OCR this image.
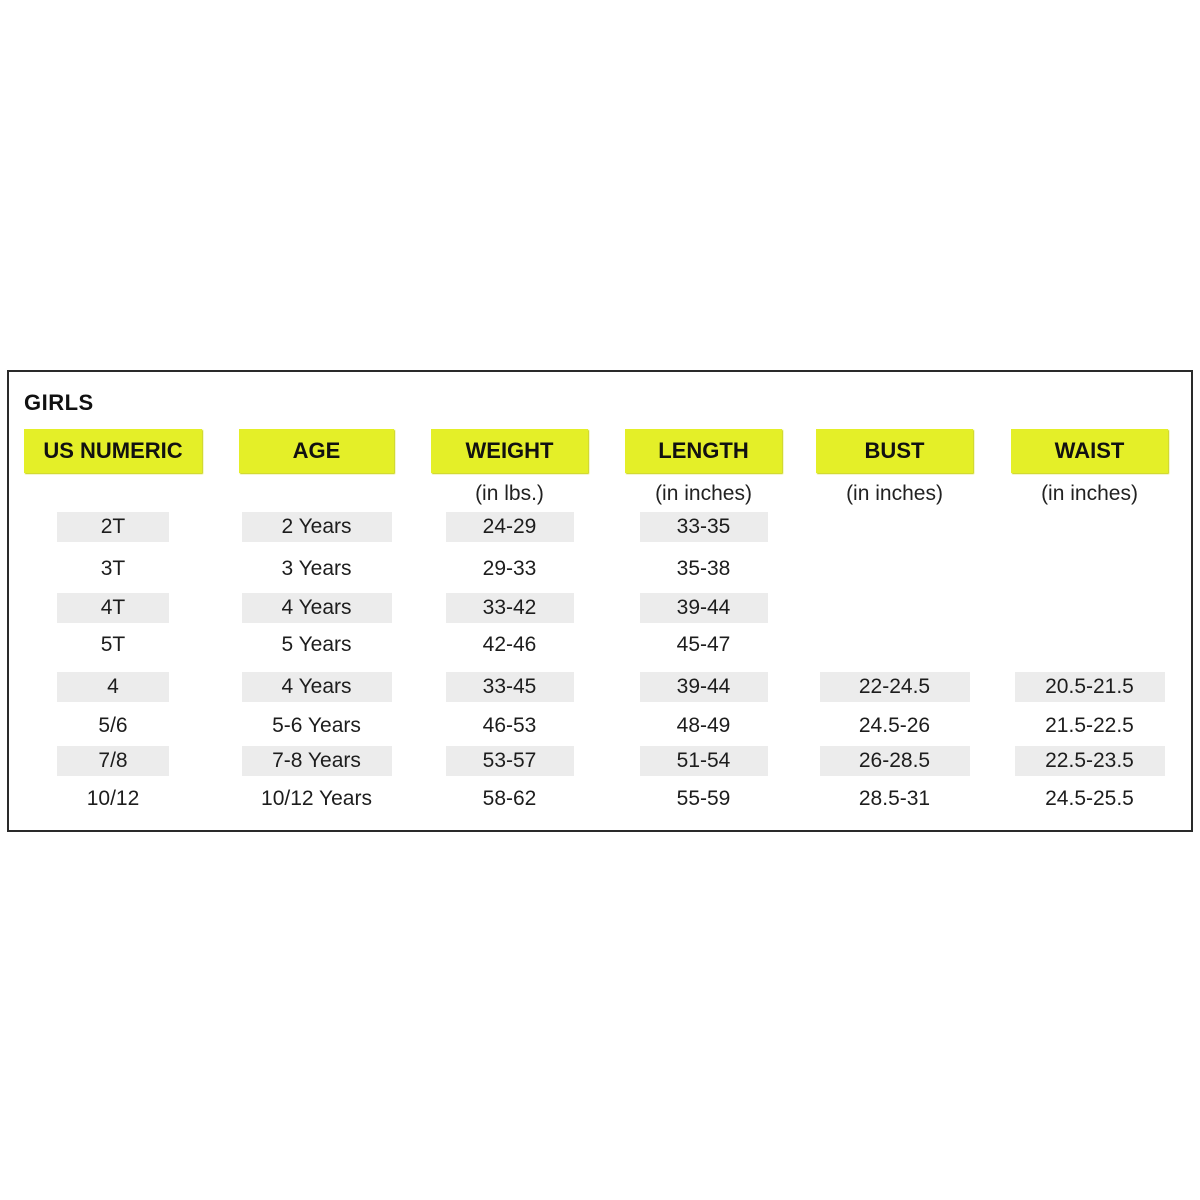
GIRLS
US NUMERIC
2T
3T
4T
5T
4
5/6
7/8
10/12
AGE
2 Years
3 Years
4 Years
5 Years
4 Years
5-6 Years
7-8 Years
10/12 Years
WEIGHT
(in lbs.)
24-29
29-33
33-42
42-46
33-45
46-53
53-57
58-62
LENGTH
(in inches)
33-35
35-38
39-44
45-47
39-44
48-49
51-54
55-59
BUST
(in inches)
22-24.5
24.5-26
26-28.5
28.5-31
WAIST
(in inches)
20.5-21.5
21.5-22.5
22.5-23.5
24.5-25.5
